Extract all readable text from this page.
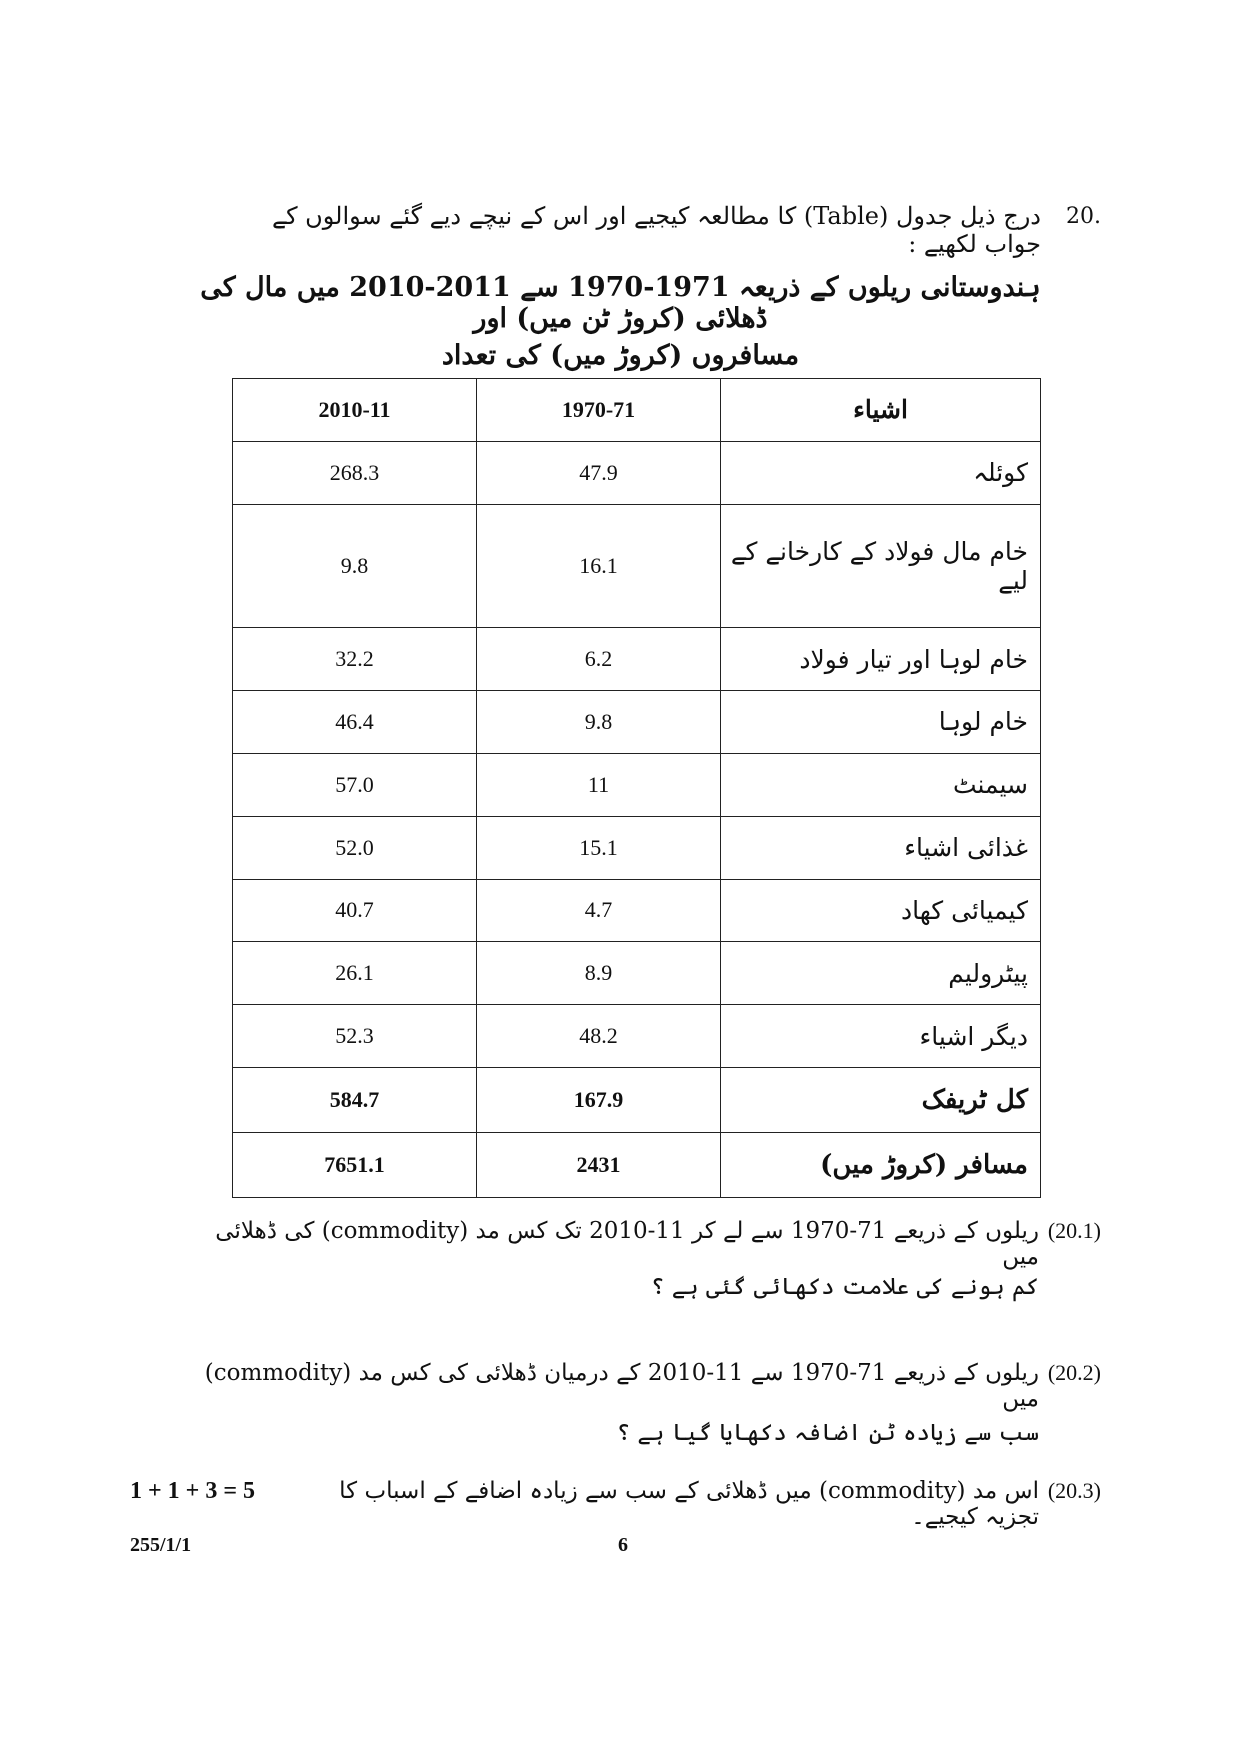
20.
درج ذیل جدول (Table) کا مطالعہ کیجیے اور اس کے نیچے دیے گئے سوالوں کے جواب لکھیے :
ہندوستانی ریلوں کے ذریعہ 1971-1970 سے 2011-2010 میں مال کی ڈھلائی (کروڑ ٹن میں) اور
مسافروں (کروڑ میں) کی تعداد
2010-11	1970-71	اشیاء
268.3	47.9	کوئلہ
9.8	16.1	خام مال فولاد کے کارخانے کے لیے
32.2	6.2	خام لوہا اور تیار فولاد
46.4	9.8	خام لوہا
57.0	11	سیمنٹ
52.0	15.1	غذائی اشیاء
40.7	4.7	کیمیائی کھاد
26.1	8.9	پیٹرولیم
52.3	48.2	دیگر اشیاء
584.7	167.9	کل ٹریفک
7651.1	2431	مسافر (کروڑ میں)
(20.1)
ریلوں کے ذریعے 71-1970 سے لے کر 11-2010 تک کس مد (commodity) کی ڈھلائی میں
کم ہونے کی علامت دکھائی گئی ہے ؟
(20.2)
ریلوں کے ذریعے 71-1970 سے 11-2010 کے درمیان ڈھلائی کی کس مد (commodity) میں
سب سے زیادہ ٹن اضافہ دکھایا گیا ہے ؟
(20.3)
اس مد (commodity) میں ڈھلائی کے سب سے زیادہ اضافے کے اسباب کا تجزیہ کیجیے۔
1 + 1 + 3 = 5
255/1/1	6
